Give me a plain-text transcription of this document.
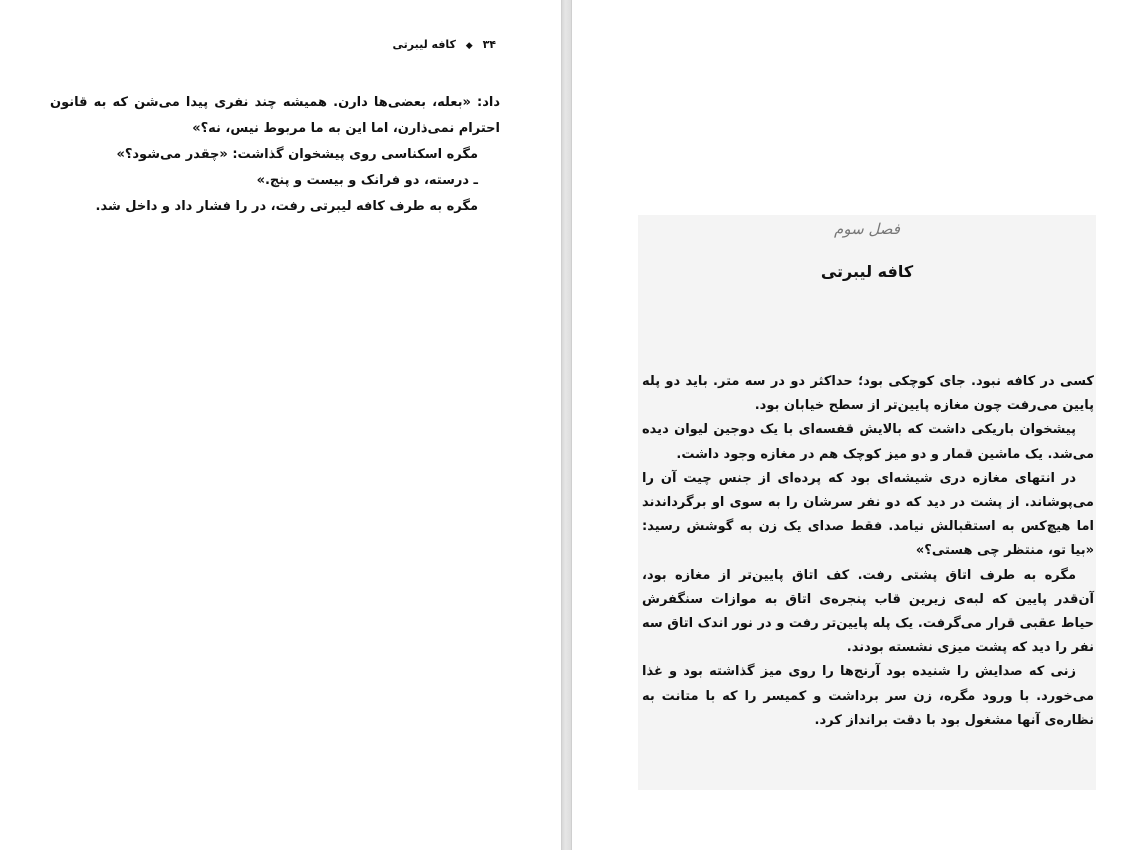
۳۴ ◆ کافه لیبرتی

داد: «بعله، بعضی‌ها دارن. همیشه چند نفری پیدا می‌شن که به قانون احترام نمی‌ذارن، اما این به ما مربوط نیس، نه؟»

مگره اسکناسی روی پیشخوان گذاشت: «چقدر می‌شود؟»

ـ درسته، دو فرانک و بیست و پنج.»

مگره به طرف کافه لیبرتی رفت، در را فشار داد و داخل شد.

فصل سوم
کافه لیبرتی

کسی در کافه نبود. جای کوچکی بود؛ حداکثر دو در سه متر. باید دو پله پایین می‌رفت چون مغازه پایین‌تر از سطح خیابان بود.

پیشخوان باریکی داشت که بالایش قفسه‌ای با یک دوجین لیوان دیده می‌شد. یک ماشین قمار و دو میز کوچک هم در مغازه وجود داشت.

در انتهای مغازه دری شیشه‌ای بود که پرده‌ای از جنس چیت آن را می‌پوشاند. از پشت در دید که دو نفر سرشان را به سوی او برگرداندند اما هیچ‌کس به استقبالش نیامد. فقط صدای یک زن به گوشش رسید: «بیا تو، منتظر چی هستی؟»

مگره به طرف اتاق پشتی رفت. کف اتاق پایین‌تر از مغازه بود، آن‌قدر پایین که لبه‌ی زیرین قاب پنجره‌ی اتاق به موازات سنگفرش حیاط عقبی قرار می‌گرفت. یک پله پایین‌تر رفت و در نور اندک اتاق سه نفر را دید که پشت میزی نشسته بودند.

زنی که صدایش را شنیده بود آرنج‌ها را روی میز گذاشته بود و غذا می‌خورد. با ورود مگره، زن سر برداشت و کمیسر را که با متانت به نظاره‌ی آنها مشغول بود با دقت برانداز کرد.
